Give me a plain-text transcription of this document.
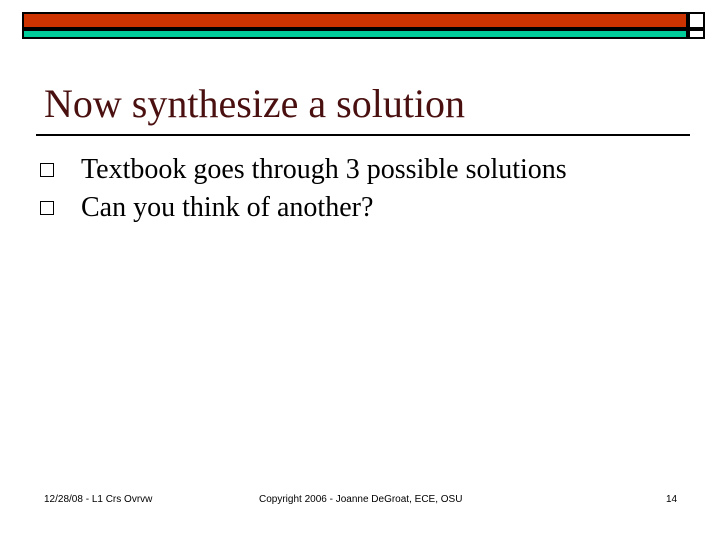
Now synthesize a solution
Textbook goes through 3 possible solutions
Can you think of another?
12/28/08 - L1 Crs Ovrvw	Copyright 2006 - Joanne DeGroat, ECE, OSU	14
